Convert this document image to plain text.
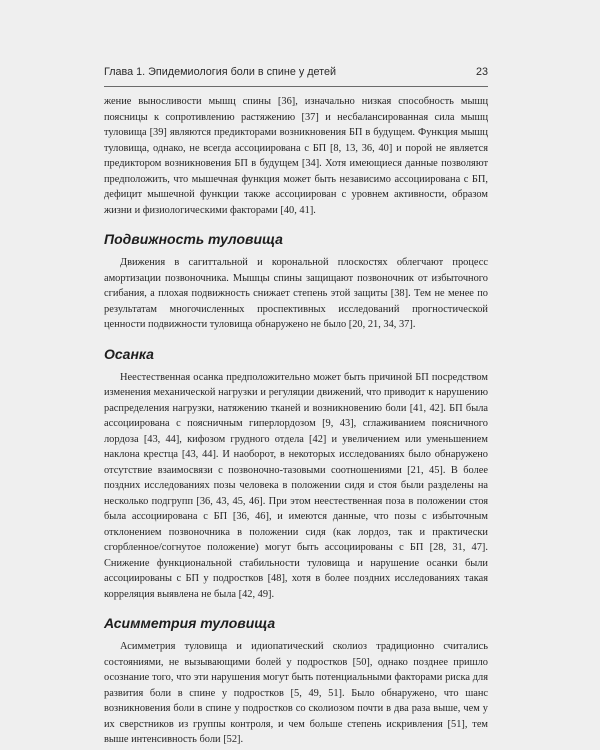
Глава 1. Эпидемиология боли в спине у детей	23

жение выносливости мышц спины [36], изначально низкая способность мышц поясницы к сопротивлению растяжению [37] и несбалансированная сила мышц туловища [39] являются предикторами возникновения БП в будущем. Функция мышц туловища, однако, не всегда ассоциирована с БП [8, 13, 36, 40] и порой не является предиктором возникновения БП в будущем [34]. Хотя имеющиеся данные позволяют предположить, что мышечная функция может быть независимо ассоциирована с БП, дефицит мышечной функции также ассоциирован с уровнем активности, образом жизни и физиологическими факторами [40, 41].

Подвижность туловища

Движения в сагиттальной и корональной плоскостях облегчают процесс амортизации позвоночника. Мышцы спины защищают позвоночник от избыточного сгибания, а плохая подвижность снижает степень этой защиты [38]. Тем не менее по результатам многочисленных проспективных исследований прогностической ценности подвижности туловища обнаружено не было [20, 21, 34, 37].

Осанка

Неестественная осанка предположительно может быть причиной БП посредством изменения механической нагрузки и регуляции движений, что приводит к нарушению распределения нагрузки, натяжению тканей и возникновению боли [41, 42]. БП была ассоциирована с поясничным гиперлордозом [9, 43], сглаживанием поясничного лордоза [43, 44], кифозом грудного отдела [42] и увеличением или уменьшением наклона крестца [43, 44]. И наоборот, в некоторых исследованиях было обнаружено отсутствие взаимосвязи с позвоночно-тазовыми соотношениями [21, 45]. В более поздних исследованиях позы человека в положении сидя и стоя были разделены на несколько подгрупп [36, 43, 45, 46]. При этом неестественная поза в положении стоя была ассоциирована с БП [36, 46], и имеются данные, что позы с избыточным отклонением позвоночника в положении сидя (как лордоз, так и практически сгорбленное/согнутое положение) могут быть ассоциированы с БП [28, 31, 47]. Снижение функциональной стабильности туловища и нарушение осанки были ассоциированы с БП у подростков [48], хотя в более поздних исследованиях такая корреляция выявлена не была [42, 49].

Асимметрия туловища

Асимметрия туловища и идиопатический сколиоз традиционно считались состояниями, не вызывающими болей у подростков [50], однако позднее пришло осознание того, что эти нарушения могут быть потенциальными факторами риска для развития боли в спине у подростков [5, 49, 51]. Было обнаружено, что шанс возникновения боли в спине у подростков со сколиозом почти в два раза выше, чем у их сверстников из группы контроля, и чем больше степень искривления [51], тем выше интенсивность боли [52].
